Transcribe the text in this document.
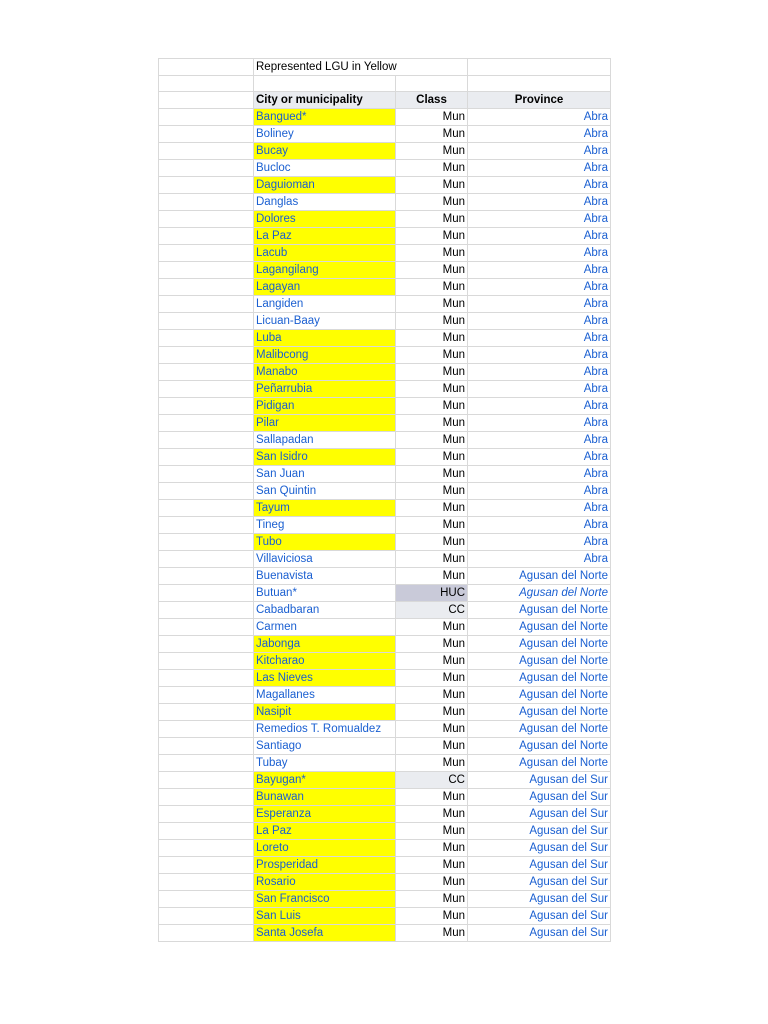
	Represented LGU in Yellow		

	City or municipality	Class	Province
	Bangued*	Mun	Abra
	Boliney	Mun	Abra
	Bucay	Mun	Abra
	Bucloc	Mun	Abra
	Daguioman	Mun	Abra
	Danglas	Mun	Abra
	Dolores	Mun	Abra
	La Paz	Mun	Abra
	Lacub	Mun	Abra
	Lagangilang	Mun	Abra
	Lagayan	Mun	Abra
	Langiden	Mun	Abra
	Licuan-Baay	Mun	Abra
	Luba	Mun	Abra
	Malibcong	Mun	Abra
	Manabo	Mun	Abra
	Peñarrubia	Mun	Abra
	Pidigan	Mun	Abra
	Pilar	Mun	Abra
	Sallapadan	Mun	Abra
	San Isidro	Mun	Abra
	San Juan	Mun	Abra
	San Quintin	Mun	Abra
	Tayum	Mun	Abra
	Tineg	Mun	Abra
	Tubo	Mun	Abra
	Villaviciosa	Mun	Abra
	Buenavista	Mun	Agusan del Norte
	Butuan*	HUC	Agusan del Norte
	Cabadbaran	CC	Agusan del Norte
	Carmen	Mun	Agusan del Norte
	Jabonga	Mun	Agusan del Norte
	Kitcharao	Mun	Agusan del Norte
	Las Nieves	Mun	Agusan del Norte
	Magallanes	Mun	Agusan del Norte
	Nasipit	Mun	Agusan del Norte
	Remedios T. Romualdez	Mun	Agusan del Norte
	Santiago	Mun	Agusan del Norte
	Tubay	Mun	Agusan del Norte
	Bayugan*	CC	Agusan del Sur
	Bunawan	Mun	Agusan del Sur
	Esperanza	Mun	Agusan del Sur
	La Paz	Mun	Agusan del Sur
	Loreto	Mun	Agusan del Sur
	Prosperidad	Mun	Agusan del Sur
	Rosario	Mun	Agusan del Sur
	San Francisco	Mun	Agusan del Sur
	San Luis	Mun	Agusan del Sur
	Santa Josefa	Mun	Agusan del Sur
